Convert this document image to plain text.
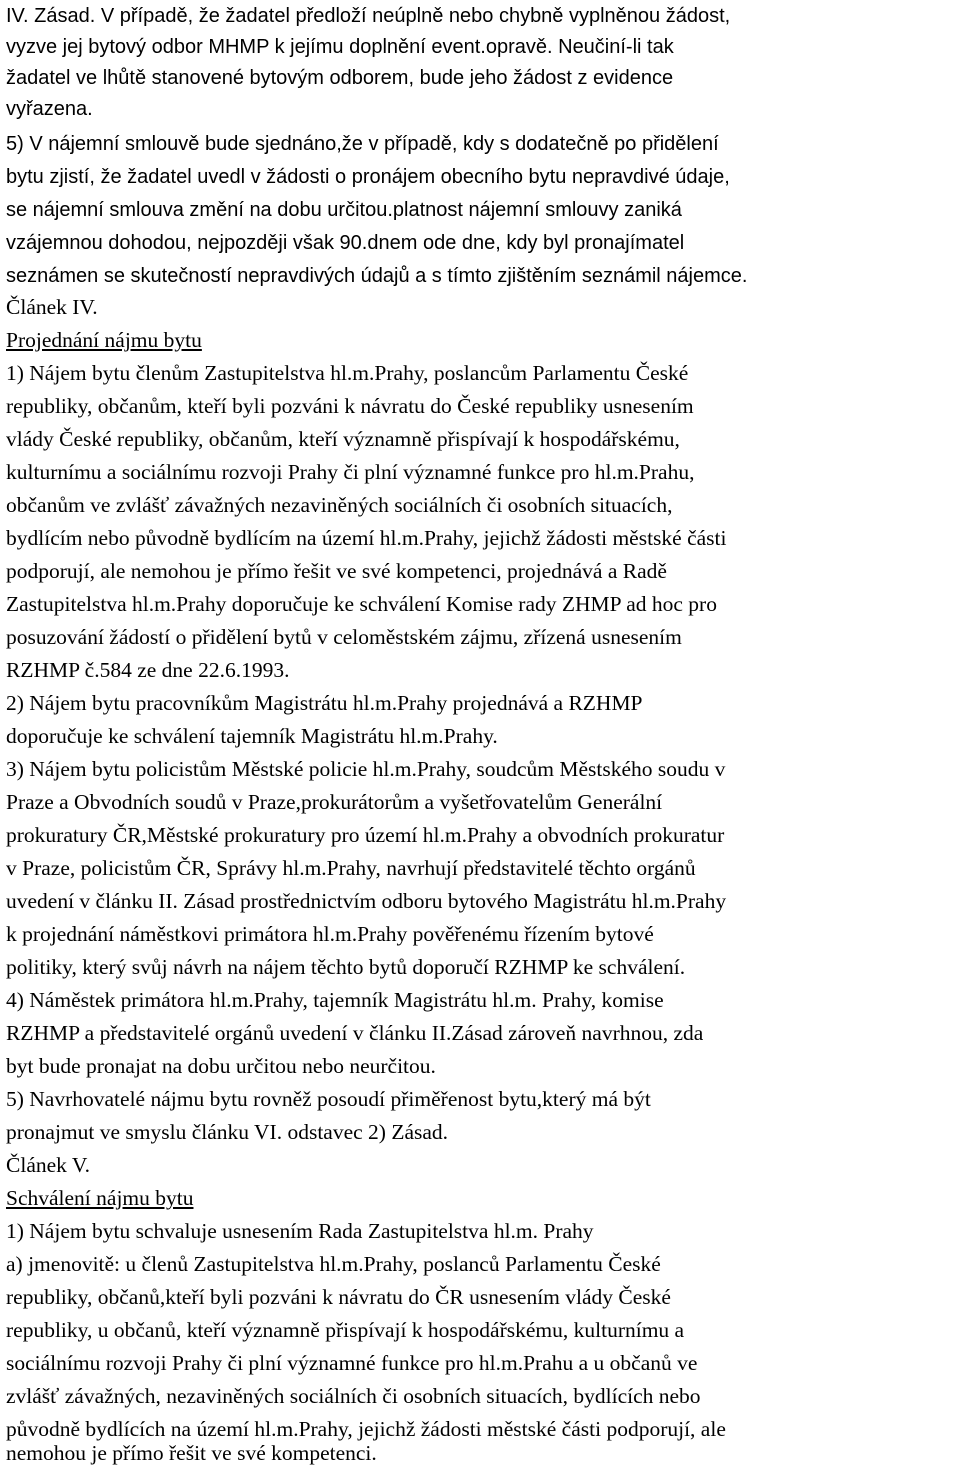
IV. Zásad. V případě, že žadatel předloží neúplně nebo chybně vyplněnou žádost,
vyzve jej bytový odbor MHMP k jejímu doplnění event.opravě. Neučiní-li tak
žadatel ve lhůtě stanovené bytovým odborem, bude jeho žádost z evidence
vyřazena.
5) V nájemní smlouvě bude sjednáno,že v případě, kdy s dodatečně po přidělení
bytu zjistí, že žadatel uvedl v žádosti o pronájem obecního bytu nepravdivé údaje,
se nájemní smlouva změní na dobu určitou.platnost nájemní smlouvy zaniká
vzájemnou dohodou, nejpozději však 90.dnem ode dne, kdy byl pronajímatel
seznámen se skutečností nepravdivých údajů a s tímto zjištěním seznámil nájemce.
Článek IV.
Projednání nájmu bytu
1) Nájem bytu členům Zastupitelstva hl.m.Prahy, poslancům Parlamentu České
republiky, občanům, kteří byli pozváni k návratu do České republiky usnesením
vlády České republiky, občanům, kteří významně přispívají k hospodářskému,
kulturnímu a sociálnímu rozvoji Prahy či plní významné funkce pro hl.m.Prahu,
občanům ve zvlášť závažných nezaviněných sociálních či osobních situacích,
bydlícím nebo původně bydlícím na území hl.m.Prahy, jejichž žádosti městské části
podporují, ale nemohou je přímo řešit ve své kompetenci, projednává a Radě
Zastupitelstva hl.m.Prahy doporučuje ke schválení Komise rady ZHMP ad hoc pro
posuzování žádostí o přidělení bytů v celoměstském zájmu, zřízená usnesením
RZHMP č.584 ze dne 22.6.1993.
2) Nájem bytu pracovníkům Magistrátu hl.m.Prahy projednává a RZHMP
doporučuje ke schválení tajemník Magistrátu hl.m.Prahy.
3) Nájem bytu policistům Městské policie hl.m.Prahy, soudcům Městského soudu v
Praze a Obvodních soudů v Praze,prokurátorům a vyšetřovatelům Generální
prokuratury ČR,Městské prokuratury pro území hl.m.Prahy a obvodních prokuratur
v Praze, policistům ČR, Správy hl.m.Prahy, navrhují představitelé těchto orgánů
uvedení v článku II. Zásad prostřednictvím odboru bytového Magistrátu hl.m.Prahy
k projednání náměstkovi primátora hl.m.Prahy pověřenému řízením bytové
politiky, který svůj návrh na nájem těchto bytů doporučí RZHMP ke schválení.
4) Náměstek primátora hl.m.Prahy, tajemník Magistrátu hl.m. Prahy, komise
RZHMP a představitelé orgánů uvedení v článku II.Zásad zároveň navrhnou, zda
byt bude pronajat na dobu určitou nebo neurčitou.
5) Navrhovatelé nájmu bytu rovněž posoudí přiměřenost bytu,který má být
pronajmut ve smyslu článku VI. odstavec 2) Zásad.
Článek V.
Schválení nájmu bytu
1) Nájem bytu schvaluje usnesením Rada Zastupitelstva hl.m. Prahy
a) jmenovitě: u členů Zastupitelstva hl.m.Prahy, poslanců Parlamentu České
republiky, občanů,kteří byli pozváni k návratu do ČR usnesením vlády České
republiky, u občanů, kteří významně přispívají k hospodářskému, kulturnímu a
sociálnímu rozvoji Prahy či plní významné funkce pro hl.m.Prahu a u občanů ve
zvlášť závažných, nezaviněných sociálních či osobních situacích, bydlících nebo
původně bydlících na území hl.m.Prahy, jejichž žádosti městské části podporují, ale
nemohou je přímo řešit ve své kompetenci.
